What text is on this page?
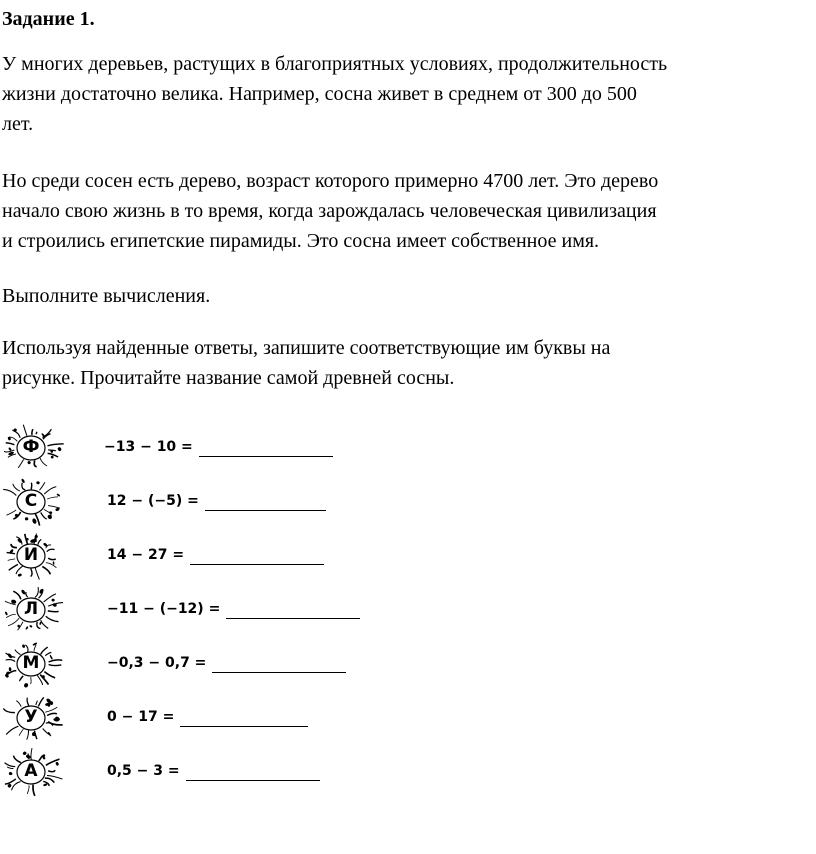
Задание 1.

У многих деревьев, растущих в благоприятных условиях, продолжительность
жизни достаточно велика. Например, сосна живет в среднем от 300 до 500
лет.

Но среди сосен есть дерево, возраст которого примерно 4700 лет. Это дерево
начало свою жизнь в то время, когда зарождалась человеческая цивилизация
и строились египетские пирамиды. Это сосна имеет собственное имя.

Выполните вычисления.

Используя найденные ответы, запишите соответствующие им буквы на
рисунке. Прочитайте название самой древней сосны.

Ф	−13 − 10 =
С	12 − (−5) =
И	14 − 27 =
Л	−11 − (−12) =
М	−0,3 − 0,7 =
У	0 − 17 =
А	0,5 − 3 =
